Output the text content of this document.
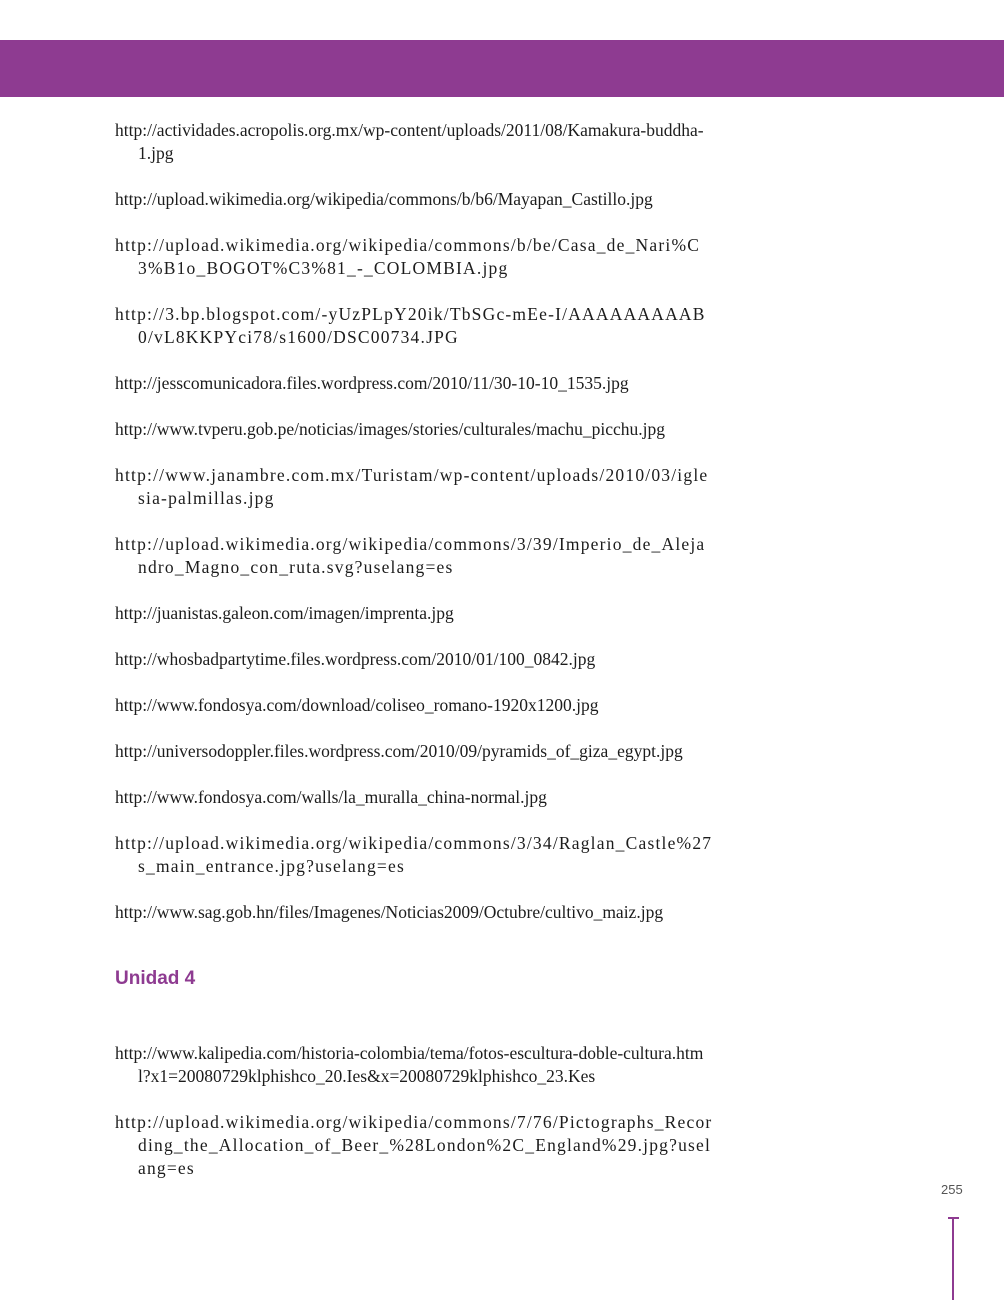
http://actividades.acropolis.org.mx/wp-content/uploads/2011/08/Kamakura-buddha-1.jpg

http://upload.wikimedia.org/wikipedia/commons/b/b6/Mayapan_Castillo.jpg

http://upload.wikimedia.org/wikipedia/commons/b/be/Casa_de_Nari%C3%B1o_BOGOT%C3%81_-_COLOMBIA.jpg

http://3.bp.blogspot.com/-yUzPLpY20ik/TbSGc-mEe-I/AAAAAAAAAB0/vL8KKPYci78/s1600/DSC00734.JPG

http://jesscomunicadora.files.wordpress.com/2010/11/30-10-10_1535.jpg

http://www.tvperu.gob.pe/noticias/images/stories/culturales/machu_picchu.jpg

http://www.janambre.com.mx/Turistam/wp-content/uploads/2010/03/iglesia-palmillas.jpg

http://upload.wikimedia.org/wikipedia/commons/3/39/Imperio_de_Alejandro_Magno_con_ruta.svg?uselang=es

http://juanistas.galeon.com/imagen/imprenta.jpg

http://whosbadpartytime.files.wordpress.com/2010/01/100_0842.jpg

http://www.fondosya.com/download/coliseo_romano-1920x1200.jpg

http://universodoppler.files.wordpress.com/2010/09/pyramids_of_giza_egypt.jpg

http://www.fondosya.com/walls/la_muralla_china-normal.jpg

http://upload.wikimedia.org/wikipedia/commons/3/34/Raglan_Castle%27s_main_entrance.jpg?uselang=es

http://www.sag.gob.hn/files/Imagenes/Noticias2009/Octubre/cultivo_maiz.jpg

Unidad 4

http://www.kalipedia.com/historia-colombia/tema/fotos-escultura-doble-cultura.html?x1=20080729klphishco_20.Ies&x=20080729klphishco_23.Kes

http://upload.wikimedia.org/wikipedia/commons/7/76/Pictographs_Recording_the_Allocation_of_Beer_%28London%2C_England%29.jpg?uselang=es

255
